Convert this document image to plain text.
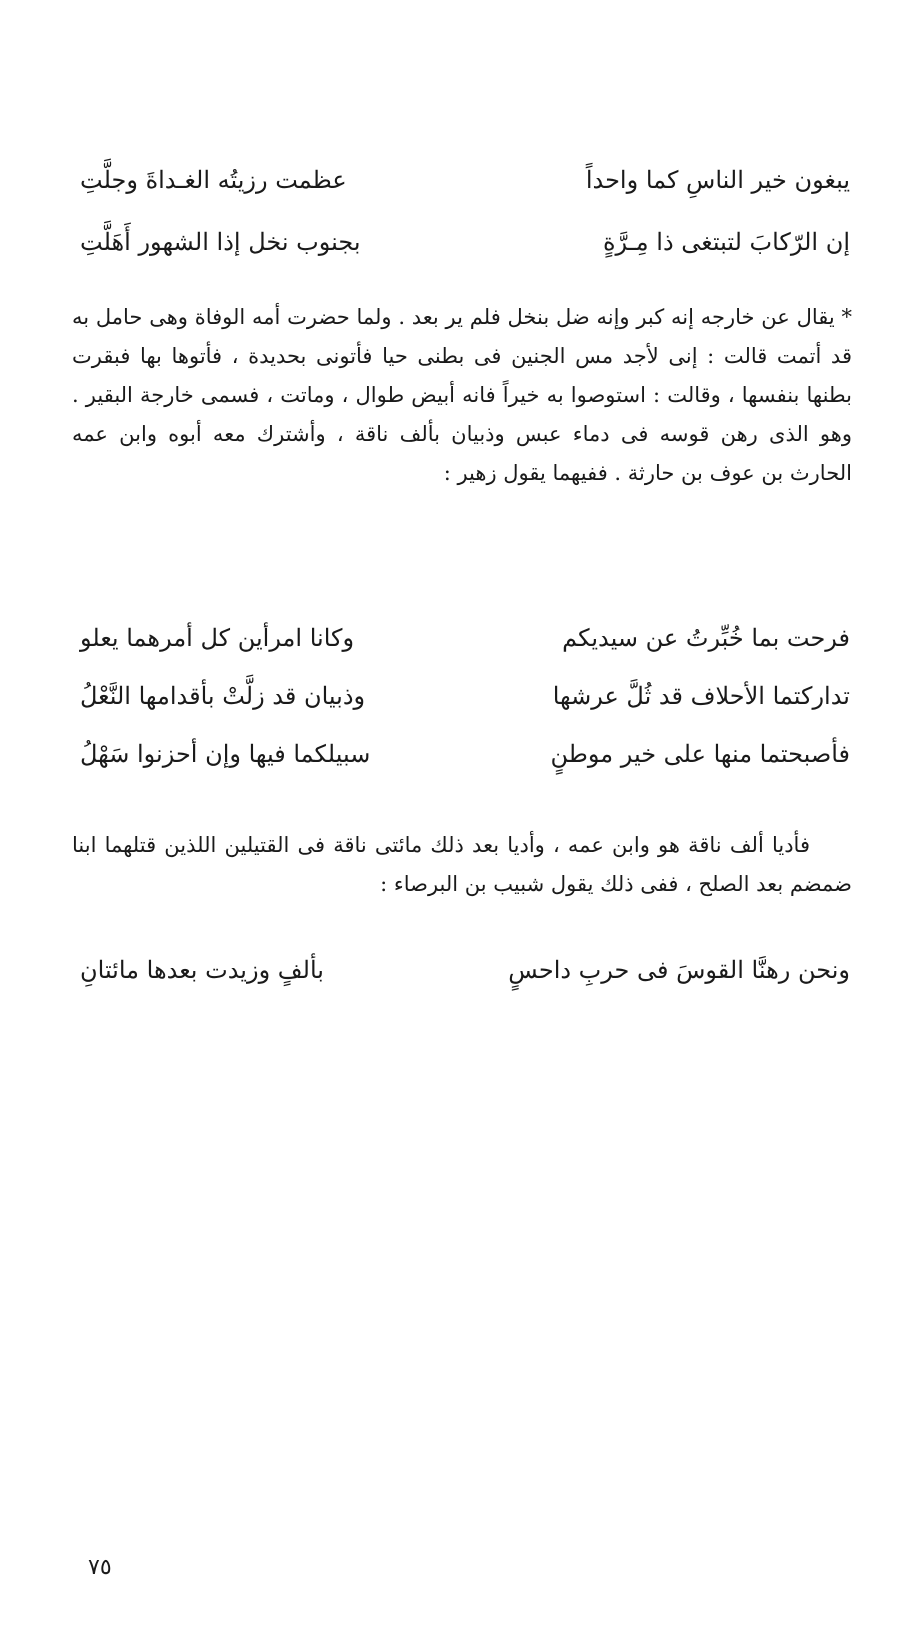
يبغون خير الناسِ كما واحداً
عظمت رزيتُه الغـداةَ وجلَّتِ
إن الرّكابَ لتبتغى ذا مِـرَّةٍ
بجنوب نخل إذا الشهور أَهَلَّتِ

* يقال عن خارجه إنه كبر وإنه ضل بنخل فلم ير بعد . ولما حضرت أمه الوفاة وهى حامل به قد أتمت قالت : إنى لأجد مس الجنين فى بطنى حيا فأتونى بحديدة ، فأتوها بها فبقرت بطنها بنفسها ، وقالت : استوصوا به خيراً فانه أبيض طوال ، وماتت ، فسمى خارجة البقير . وهو الذى رهن قوسه فى دماء عبس وذبيان بألف ناقة ، وأشترك معه أبوه وابن عمه الحارث بن عوف بن حارثة . ففيهما يقول زهير :

فرحت بما خُبِّرتُ عن سيديكم
وكانا امرأين كل أمرهما يعلو
تداركتما الأحلاف قد ثُلَّ عرشها
وذبيان قد زلَّتْ بأقدامها النَّعْلُ
فأصبحتما منها على خير موطنٍ
سبيلكما فيها وإن أحزنوا سَهْلُ

فأديا ألف ناقة هو وابن عمه ، وأديا بعد ذلك مائتى ناقة فى القتيلين اللذين قتلهما ابنا ضمضم بعد الصلح ، ففى ذلك يقول شبيب بن البرصاء :

ونحن رهنَّا القوسَ فى حربِ داحسٍ
بألفٍ وزيدت بعدها مائتانِ
٧٥
